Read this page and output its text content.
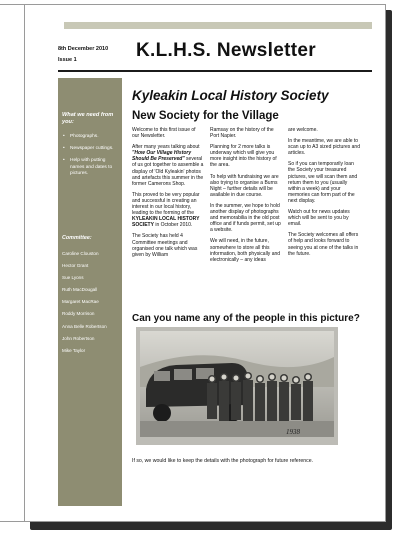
8th December 2010
Issue 1	K.L.H.S. Newsletter
What we need from you:
• Photographs.
• Newspaper cuttings.
• Help with putting names and dates to pictures.
Committee:
Caroline Clouston
Hector Grant
Sue Lyons
Ruth MacDougall
Margaret MacRae
Roddy Morrison
Anna Belle Robertson
John Robertson
Mike Taylor
Kyleakin Local History Society
New Society for the Village

Welcome to this first issue of our Newsletter.

After many years talking about "How Our Village History Should Be Preserved" several of us got together to assemble a display of 'Old Kyleakin' photos and artefacts this summer in the former Camerons Shop.

This proved to be very popular and successful in creating an interest in our local history, leading to the forming of the KYLEAKIN LOCAL HISTORY SOCIETY in October 2010.

The Society has held 4 Committee meetings and organised one talk which was given by William

Ramsay on the history of the Port Napier.

Planning for 2 more talks is underway which will give you more insight into the history of the area.

To help with fundraising we are also trying to organise a Burns Night – further details will be available in due course.

In the summer, we hope to hold another display of photographs and memorabilia in the old post office and if funds permit, set up a website.

We will need, in the future, somewhere to store all this information, both physically and electronically – any ideas

are welcome.

In the meantime, we are able to scan up to A3 sized pictures and articles.

So if you can temporarily loan the Society your treasured pictures, we will scan them and return them to you (usually within a week) and your memories can form part of the next display.

Watch out for news updates which will be sent to you by email.

The Society welcomes all offers of help and looks forward to seeing you at one of the talks in the future.

Can you name any of the people in this picture?
1938
If so, we would like to keep the details with the photograph for future reference.
